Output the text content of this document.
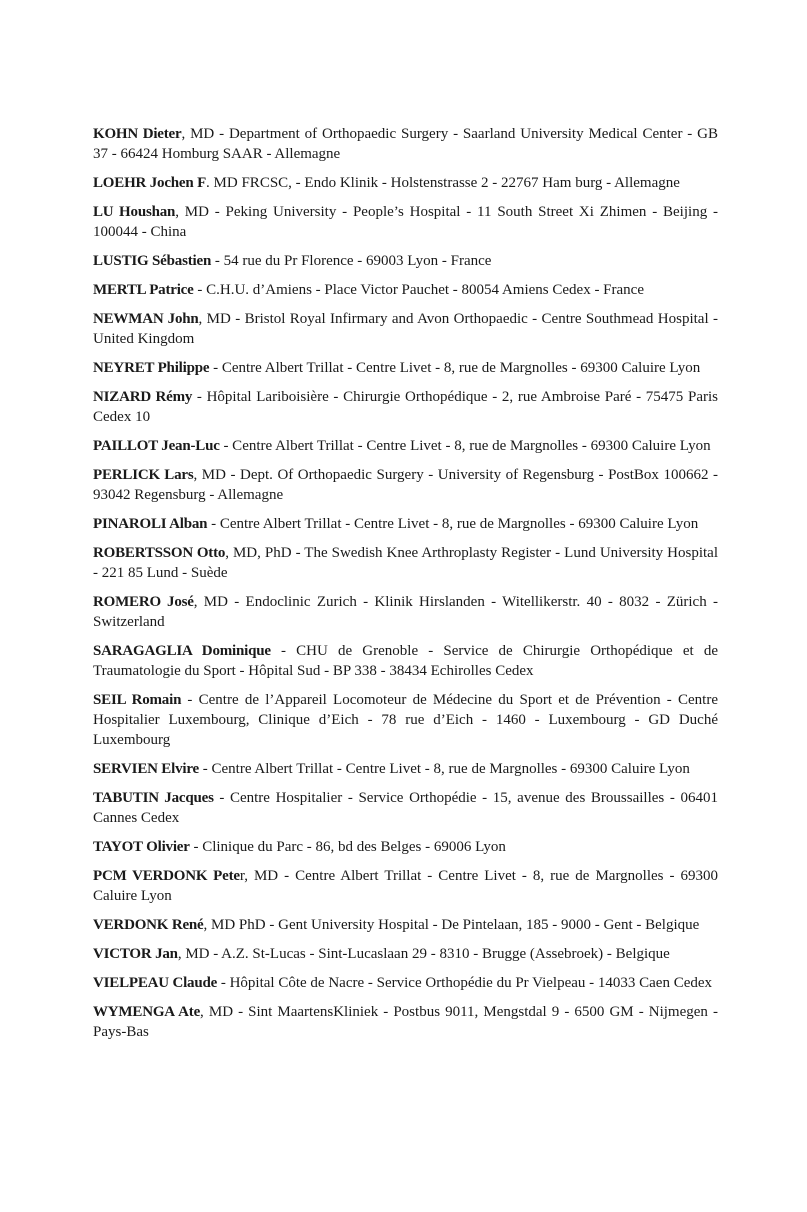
KOHN Dieter, MD - Department of Orthopaedic Surgery - Saarland University Medical Center - GB 37 - 66424 Homburg SAAR - Allemagne

LOEHR Jochen F. MD FRCSC, - Endo Klinik - Holstenstrasse 2 - 22767 Ham burg - Allemagne

LU Houshan, MD - Peking University - People’s Hospital - 11 South Street Xi Zhimen - Beijing - 100044 - China

LUSTIG Sébastien - 54 rue du Pr Florence - 69003 Lyon - France

MERTL Patrice - C.H.U. d’Amiens - Place Victor Pauchet - 80054 Amiens Cedex - France

NEWMAN John, MD - Bristol Royal Infirmary and Avon Orthopaedic - Centre Southmead Hospital - United Kingdom

NEYRET Philippe - Centre Albert Trillat - Centre Livet - 8, rue de Margnolles - 69300 Caluire Lyon

NIZARD Rémy - Hôpital Lariboisière - Chirurgie Orthopédique - 2, rue Ambroise Paré - 75475 Paris Cedex 10

PAILLOT Jean-Luc - Centre Albert Trillat - Centre Livet - 8, rue de Margnolles - 69300 Caluire Lyon

PERLICK Lars, MD - Dept. Of Orthopaedic Surgery - University of Regensburg - PostBox 100662 - 93042 Regensburg - Allemagne

PINAROLI Alban - Centre Albert Trillat - Centre Livet - 8, rue de Margnolles - 69300 Caluire Lyon

ROBERTSSON Otto, MD, PhD - The Swedish Knee Arthroplasty Register - Lund University Hospital - 221 85 Lund - Suède

ROMERO José, MD - Endoclinic Zurich - Klinik Hirslanden - Witellikerstr. 40 - 8032 - Zürich - Switzerland

SARAGAGLIA Dominique - CHU de Grenoble - Service de Chirurgie Orthopédique et de Traumatologie du Sport - Hôpital Sud - BP 338 - 38434 Echirolles Cedex

SEIL Romain - Centre de l’Appareil Locomoteur de Médecine du Sport et de Prévention - Centre Hospitalier Luxembourg, Clinique d’Eich - 78 rue d’Eich - 1460 - Luxembourg - GD Duché Luxembourg

SERVIEN Elvire - Centre Albert Trillat - Centre Livet - 8, rue de Margnolles - 69300 Caluire Lyon

TABUTIN Jacques - Centre Hospitalier - Service Orthopédie - 15, avenue des Broussailles - 06401 Cannes Cedex

TAYOT Olivier - Clinique du Parc - 86, bd des Belges - 69006 Lyon

PCM VERDONK Peter, MD - Centre Albert Trillat - Centre Livet - 8, rue de Margnolles - 69300 Caluire Lyon

VERDONK René, MD PhD - Gent University Hospital - De Pintelaan, 185 - 9000 - Gent - Belgique

VICTOR Jan, MD - A.Z. St-Lucas - Sint-Lucaslaan 29 - 8310 - Brugge (Assebroek) - Belgique

VIELPEAU Claude - Hôpital Côte de Nacre - Service Orthopédie du Pr Vielpeau - 14033 Caen Cedex

WYMENGA Ate, MD - Sint MaartensKliniek - Postbus 9011, Mengstdal 9 - 6500 GM - Nijmegen - Pays-Bas
